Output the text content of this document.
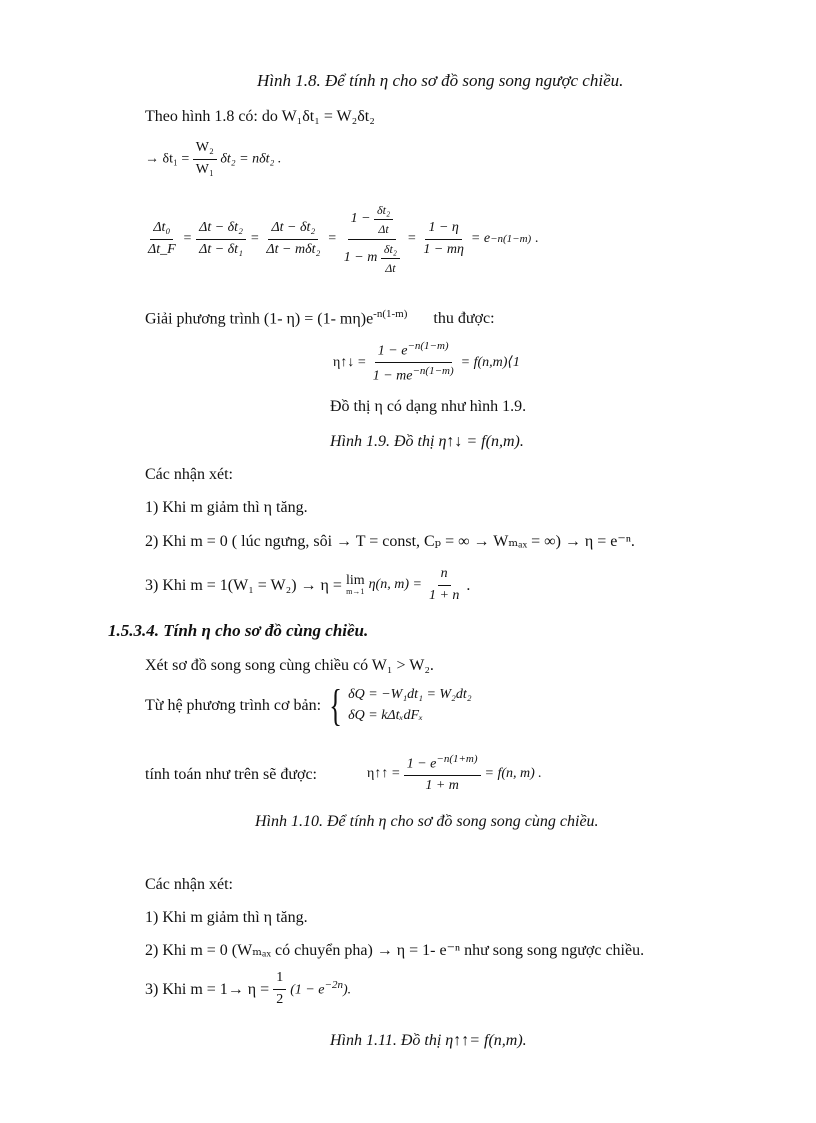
Hình 1.8. Để tính η cho sơ đồ song song ngược chiều.
Theo hình 1.8 có: do W₁δt₁ = W₂δt₂
→ $\delta t_1 = \frac{\text{W₂}}{\text{W₁}} \delta t_2 = n\delta t_2$ .
$\frac{\text{Δt₀}}{\Delta t\_F} = \frac{\text{Δt − δt₂}}{\text{Δt − δt₁}} = \frac{\text{Δt − δt₂}}{\text{Δt − mδt₂}} = 1$ −
$\frac{\text{δt₂}}{\Delta t}$
1 − m
$\frac{\text{δt₂}}{\Delta t} = \frac{1 - \eta}{1 - m\eta} = e -n(1-m)$ .
Giải phương trình (1- η) = (1- $m\eta)e^{-n(1-m)}$ thu được:
η↑↓ = $\frac{1 - e^{-n(1-m)}}{1 - me^{-n(1-m)}}$ = f(n,m)⟨1
Đồ thị η có dạng như hình 1.9.
Hình 1.9. Đồ thị η↑↓ = f(n,m).
Các nhận xét:
1) Khi m giảm thì η tăng.
2) Khi m = 0 ( lúc ngưng, sôi → T = const, Cₚ = ∞ → Wₘₐₓ = ∞) → η = e⁻ⁿ.
3) Khi m = 1(W₁ = W₂) → η = lim
m→1 η(n, $m) = \frac{n}{1 + n}$ .
1.5.3.4. Tính η cho sơ đồ cùng chiều.
Xét sơ đồ song song cùng chiều có W₁ > W₂.
Từ hệ phương trình cơ bản: { δQ = −W₁dt₁ = W₂dt₂
δQ = kΔtₓdFₓ
tính toán như trên sẽ được:	η↑↑ = $\frac{1 - e^{-n(1+m)}}{1 + m} = f(n$, m) .
Hình 1.10. Để tính η cho sơ đồ song song cùng chiều.
Các nhận xét:
1) Khi m giảm thì η tăng.
2) Khi m = 0 (Wₘₐₓ có chuyển pha) → η = 1- e⁻ⁿ như song song ngược chiều.
3) Khi $m = 1\to \eta = \frac{1}{2} (1 - e^{-2n})$.
Hình 1.11. Đồ thị η↑↑= f(n,m).
